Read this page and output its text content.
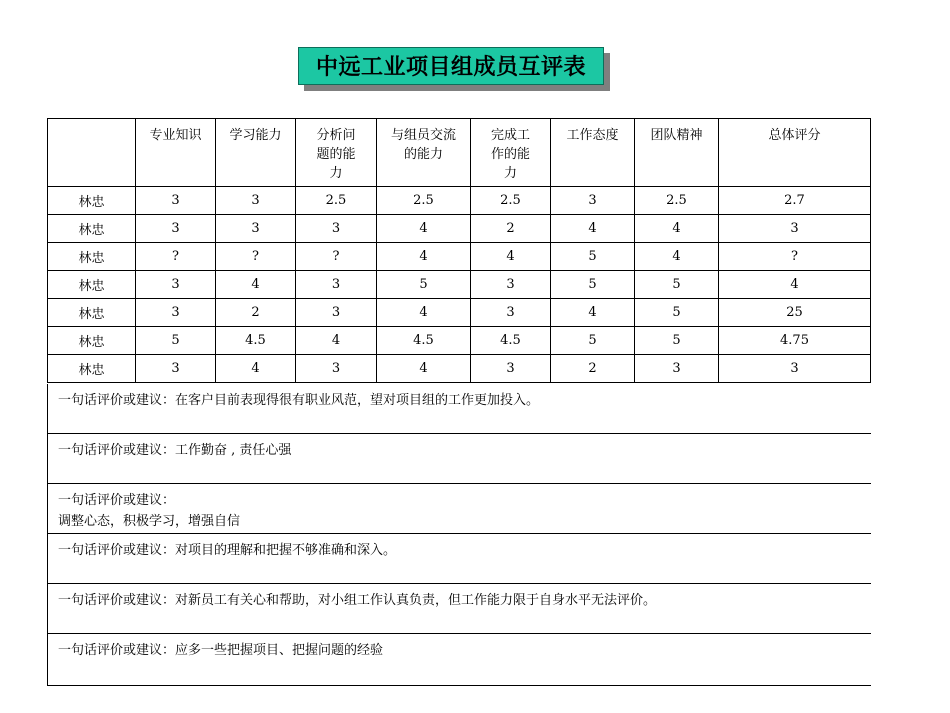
中远工业项目组成员互评表

	专业知识	学习能力	分析问题的能力	与组员交流的能力	完成工作的能力	工作态度	团队精神	总体评分
林忠	3	3	2.5	2.5	2.5	3	2.5	2.7
林忠	3	3	3	4	2	4	4	3
林忠	?	?	?	4	4	5	4	?
林忠	3	4	3	5	3	5	5	4
林忠	3	2	3	4	3	4	5	25
林忠	5	4.5	4	4.5	4.5	5	5	4.75
林忠	3	4	3	4	3	2	3	3
一句话评价或建议：在客户目前表现得很有职业风范，望对项目组的工作更加投入。
一句话评价或建议：工作勤奋 , 责任心强
一句话评价或建议：
调整心态，积极学习，增强自信
一句话评价或建议：对项目的理解和把握不够准确和深入。
一句话评价或建议：对新员工有关心和帮助，对小组工作认真负责，但工作能力限于自身水平无法评价。
一句话评价或建议：应多一些把握项目、把握问题的经验
